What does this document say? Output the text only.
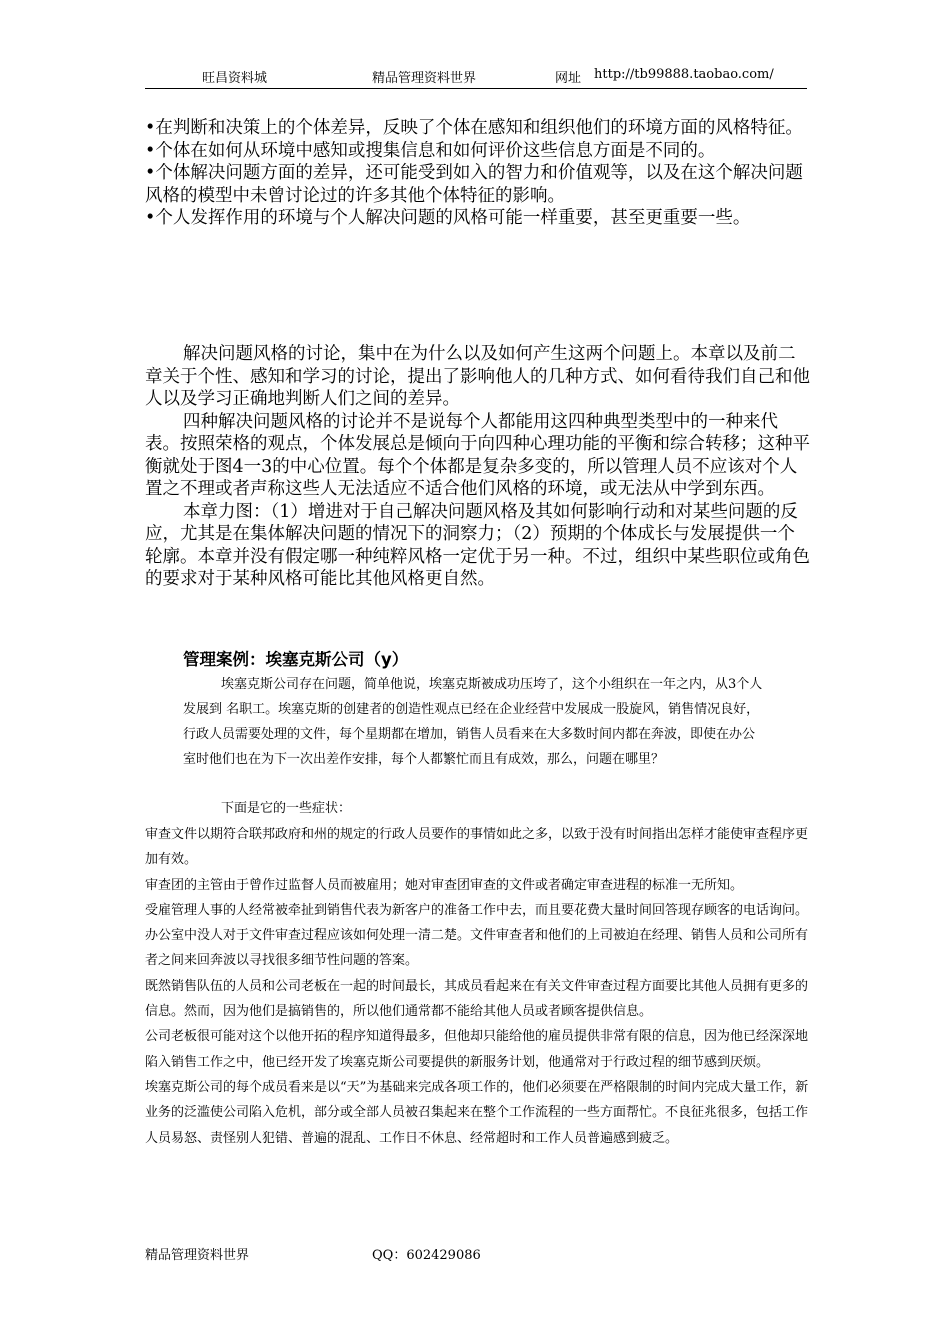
旺昌资料城	精品管理资料世界	网址 http://tb99888.taobao.com/

•在判断和决策上的个体差异，反映了个体在感知和组织他们的环境方面的风格特征。

•个体在如何从环境中感知或搜集信息和如何评价这些信息方面是不同的。

•个体解决问题方面的差异，还可能受到如入的智力和价值观等，以及在这个解决问题风格的模型中未曾讨论过的许多其他个体特征的影响。

•个人发挥作用的环境与个人解决问题的风格可能一样重要，甚至更重要一些。

解决问题风格的讨论，集中在为什么以及如何产生这两个问题上。本章以及前二章关于个性、感知和学习的讨论，提出了影响他人的几种方式、如何看待我们自己和他人以及学习正确地判断人们之间的差异。

四种解决问题风格的讨论并不是说每个人都能用这四种典型类型中的一种来代表。按照荣格的观点，个体发展总是倾向于向四种心理功能的平衡和综合转移；这种平衡就处于图4一3的中心位置。每个个体都是复杂多变的，所以管理人员不应该对个人置之不理或者声称这些人无法适应不适合他们风格的环境，或无法从中学到东西。

本章力图：（1）增进对于自己解决问题风格及其如何影响行动和对某些问题的反应，尤其是在集体解决问题的情况下的洞察力；（2）预期的个体成长与发展提供一个轮廓。本章并没有假定哪一种纯粹风格一定优于另一种。不过，组织中某些职位或角色的要求对于某种风格可能比其他风格更自然。

管理案例：埃塞克斯公司（y）

埃塞克斯公司存在问题，简单他说，埃塞克斯被成功压垮了，这个小组织在一年之内，从3个人发展到 名职工。埃塞克斯的创建者的创造性观点已经在企业经营中发展成一股旋风，销售情况良好，行政人员需要处理的文件，每个星期都在增加，销售人员看来在大多数时间内都在奔波，即使在办公室时他们也在为下一次出差作安排，每个人都繁忙而且有成效，那么，问题在哪里？

下面是它的一些症状：

审查文件以期符合联邦政府和州的规定的行政人员要作的事情如此之多，以致于没有时间指出怎样才能使审查程序更加有效。

审查团的主管由于曾作过监督人员而被雇用；她对审查团审查的文件或者确定审查进程的标准一无所知。

受雇管理人事的人经常被牵扯到销售代表为新客户的准备工作中去，而且要花费大量时间回答现存顾客的电话询问。

办公室中没人对于文件审查过程应该如何处理一清二楚。文件审查者和他们的上司被迫在经理、销售人员和公司所有者之间来回奔波以寻找很多细节性问题的答案。

既然销售队伍的人员和公司老板在一起的时间最长，其成员看起来在有关文件审查过程方面要比其他人员拥有更多的信息。然而，因为他们是搞销售的，所以他们通常都不能给其他人员或者顾客提供信息。

公司老板很可能对这个以他开拓的程序知道得最多，但他却只能给他的雇员提供非常有限的信息，因为他已经深深地陷入销售工作之中，他已经开发了埃塞克斯公司要提供的新服务计划，他通常对于行政过程的细节感到厌烦。

埃塞克斯公司的每个成员看来是以“天”为基础来完成各项工作的，他们必须要在严格限制的时间内完成大量工作，新业务的泛滥使公司陷入危机，部分或全部人员被召集起来在整个工作流程的一些方面帮忙。不良征兆很多，包括工作人员易怒、责怪别人犯错、普遍的混乱、工作日不休息、经常超时和工作人员普遍感到疲乏。

精品管理资料世界	QQ：602429086
